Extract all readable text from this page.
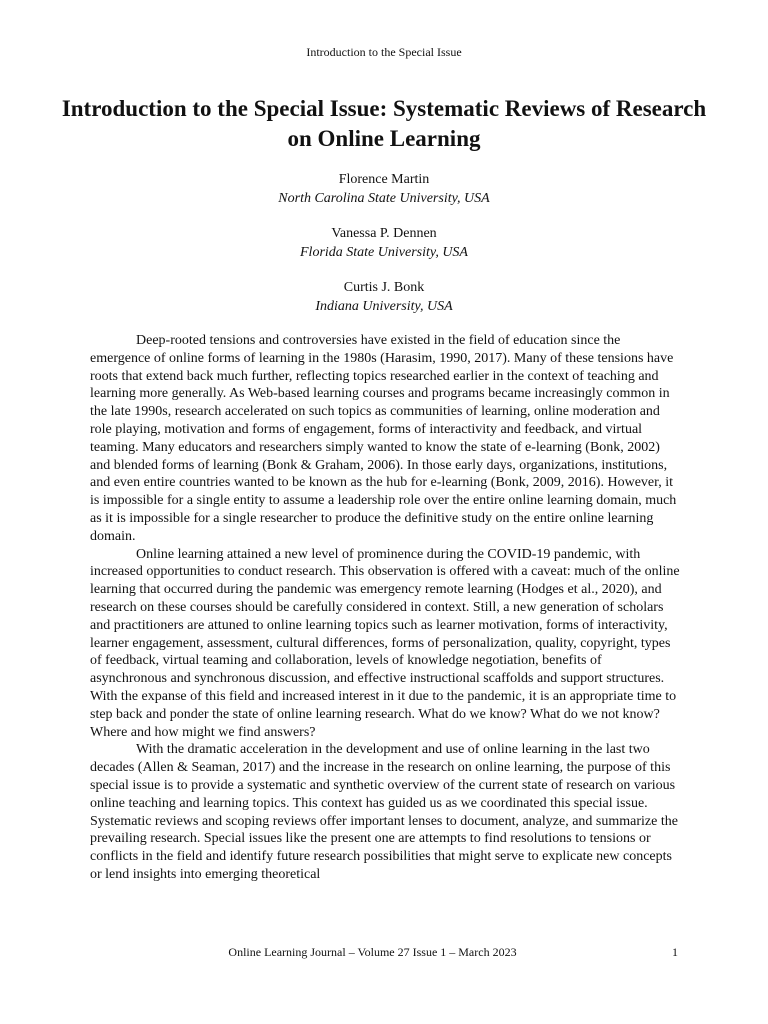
Introduction to the Special Issue
Introduction to the Special Issue: Systematic Reviews of Research on Online Learning
Florence Martin
North Carolina State University, USA
Vanessa P. Dennen
Florida State University, USA
Curtis J. Bonk
Indiana University, USA

Deep-rooted tensions and controversies have existed in the field of education since the emergence of online forms of learning in the 1980s (Harasim, 1990, 2017). Many of these tensions have roots that extend back much further, reflecting topics researched earlier in the context of teaching and learning more generally. As Web-based learning courses and programs became increasingly common in the late 1990s, research accelerated on such topics as communities of learning, online moderation and role playing, motivation and forms of engagement, forms of interactivity and feedback, and virtual teaming. Many educators and researchers simply wanted to know the state of e-learning (Bonk, 2002) and blended forms of learning (Bonk & Graham, 2006). In those early days, organizations, institutions, and even entire countries wanted to be known as the hub for e-learning (Bonk, 2009, 2016). However, it is impossible for a single entity to assume a leadership role over the entire online learning domain, much as it is impossible for a single researcher to produce the definitive study on the entire online learning domain.

Online learning attained a new level of prominence during the COVID-19 pandemic, with increased opportunities to conduct research. This observation is offered with a caveat: much of the online learning that occurred during the pandemic was emergency remote learning (Hodges et al., 2020), and research on these courses should be carefully considered in context. Still, a new generation of scholars and practitioners are attuned to online learning topics such as learner motivation, forms of interactivity, learner engagement, assessment, cultural differences, forms of personalization, quality, copyright, types of feedback, virtual teaming and collaboration, levels of knowledge negotiation, benefits of asynchronous and synchronous discussion, and effective instructional scaffolds and support structures. With the expanse of this field and increased interest in it due to the pandemic, it is an appropriate time to step back and ponder the state of online learning research. What do we know? What do we not know? Where and how might we find answers?

With the dramatic acceleration in the development and use of online learning in the last two decades (Allen & Seaman, 2017) and the increase in the research on online learning, the purpose of this special issue is to provide a systematic and synthetic overview of the current state of research on various online teaching and learning topics. This context has guided us as we coordinated this special issue. Systematic reviews and scoping reviews offer important lenses to document, analyze, and summarize the prevailing research. Special issues like the present one are attempts to find resolutions to tensions or conflicts in the field and identify future research possibilities that might serve to explicate new concepts or lend insights into emerging theoretical

Online Learning Journal – Volume 27 Issue 1 – March 2023	1
